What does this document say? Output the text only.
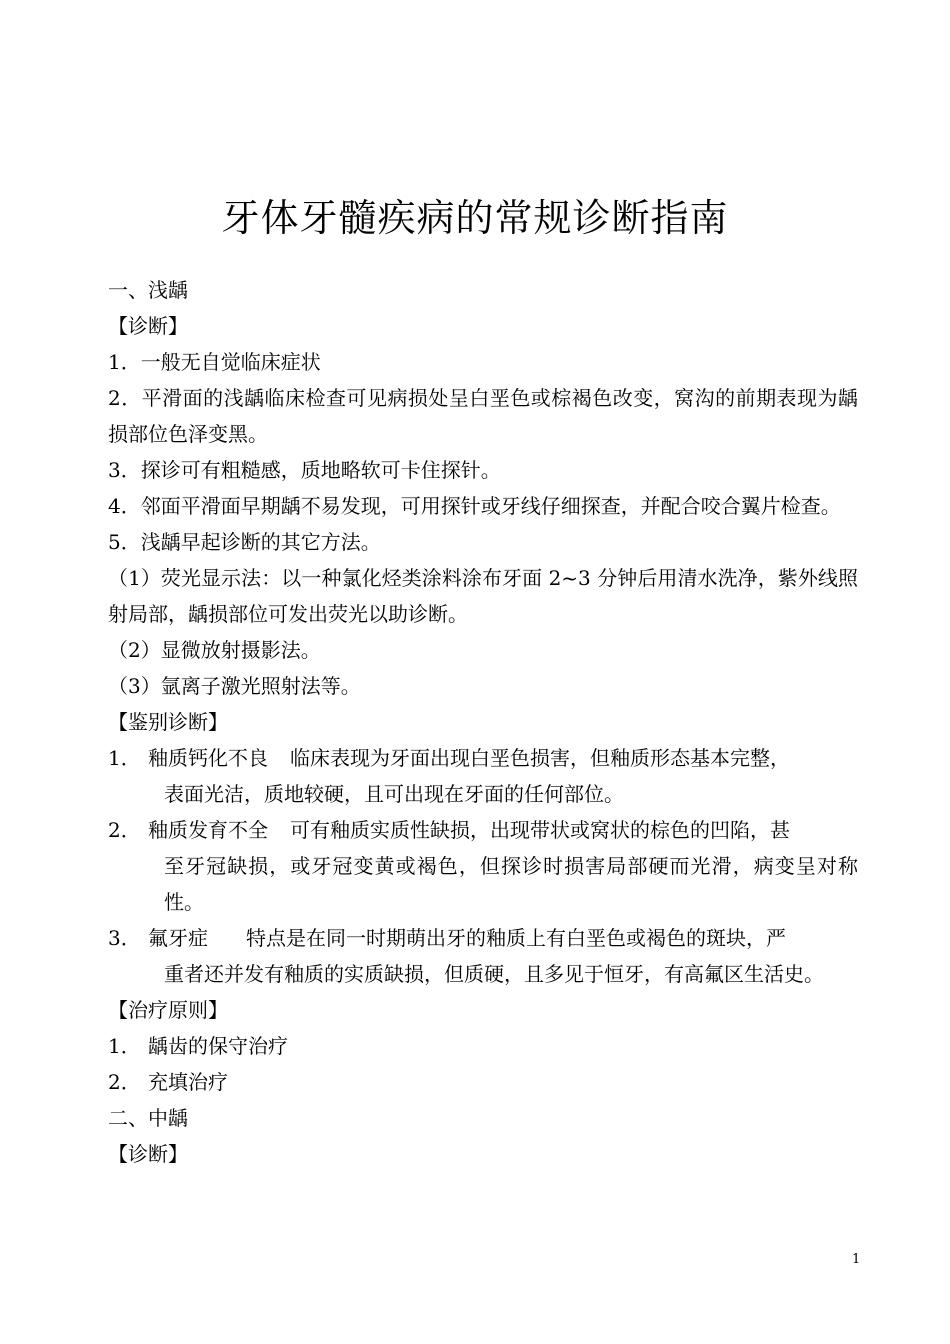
牙体牙髓疾病的常规诊断指南

一、浅龋

【诊断】

1．一般无自觉临床症状

2．平滑面的浅龋临床检查可见病损处呈白垩色或棕褐色改变，窝沟的前期表现为龋损部位色泽变黑。

3．探诊可有粗糙感，质地略软可卡住探针。

4．邻面平滑面早期龋不易发现，可用探针或牙线仔细探查，并配合咬合翼片检查。

5．浅龋早起诊断的其它方法。

（1）荧光显示法：以一种氯化烃类涂料涂布牙面 2~3 分钟后用清水洗净，紫外线照射局部，龋损部位可发出荧光以助诊断。

（2）显微放射摄影法。

（3）氩离子激光照射法等。

【鉴别诊断】

1． 釉质钙化不良 临床表现为牙面出现白垩色损害，但釉质形态基本完整，
表面光洁，质地较硬，且可出现在牙面的任何部位。
2． 釉质发育不全 可有釉质实质性缺损，出现带状或窝状的棕色的凹陷，甚
至牙冠缺损，或牙冠变黄或褐色，但探诊时损害局部硬而光滑，病变呈对称性。
3． 氟牙症 特点是在同一时期萌出牙的釉质上有白垩色或褐色的斑块，严
重者还并发有釉质的实质缺损，但质硬，且多见于恒牙，有高氟区生活史。

【治疗原则】

1． 龋齿的保守治疗
2． 充填治疗

二、中龋

【诊断】

1
